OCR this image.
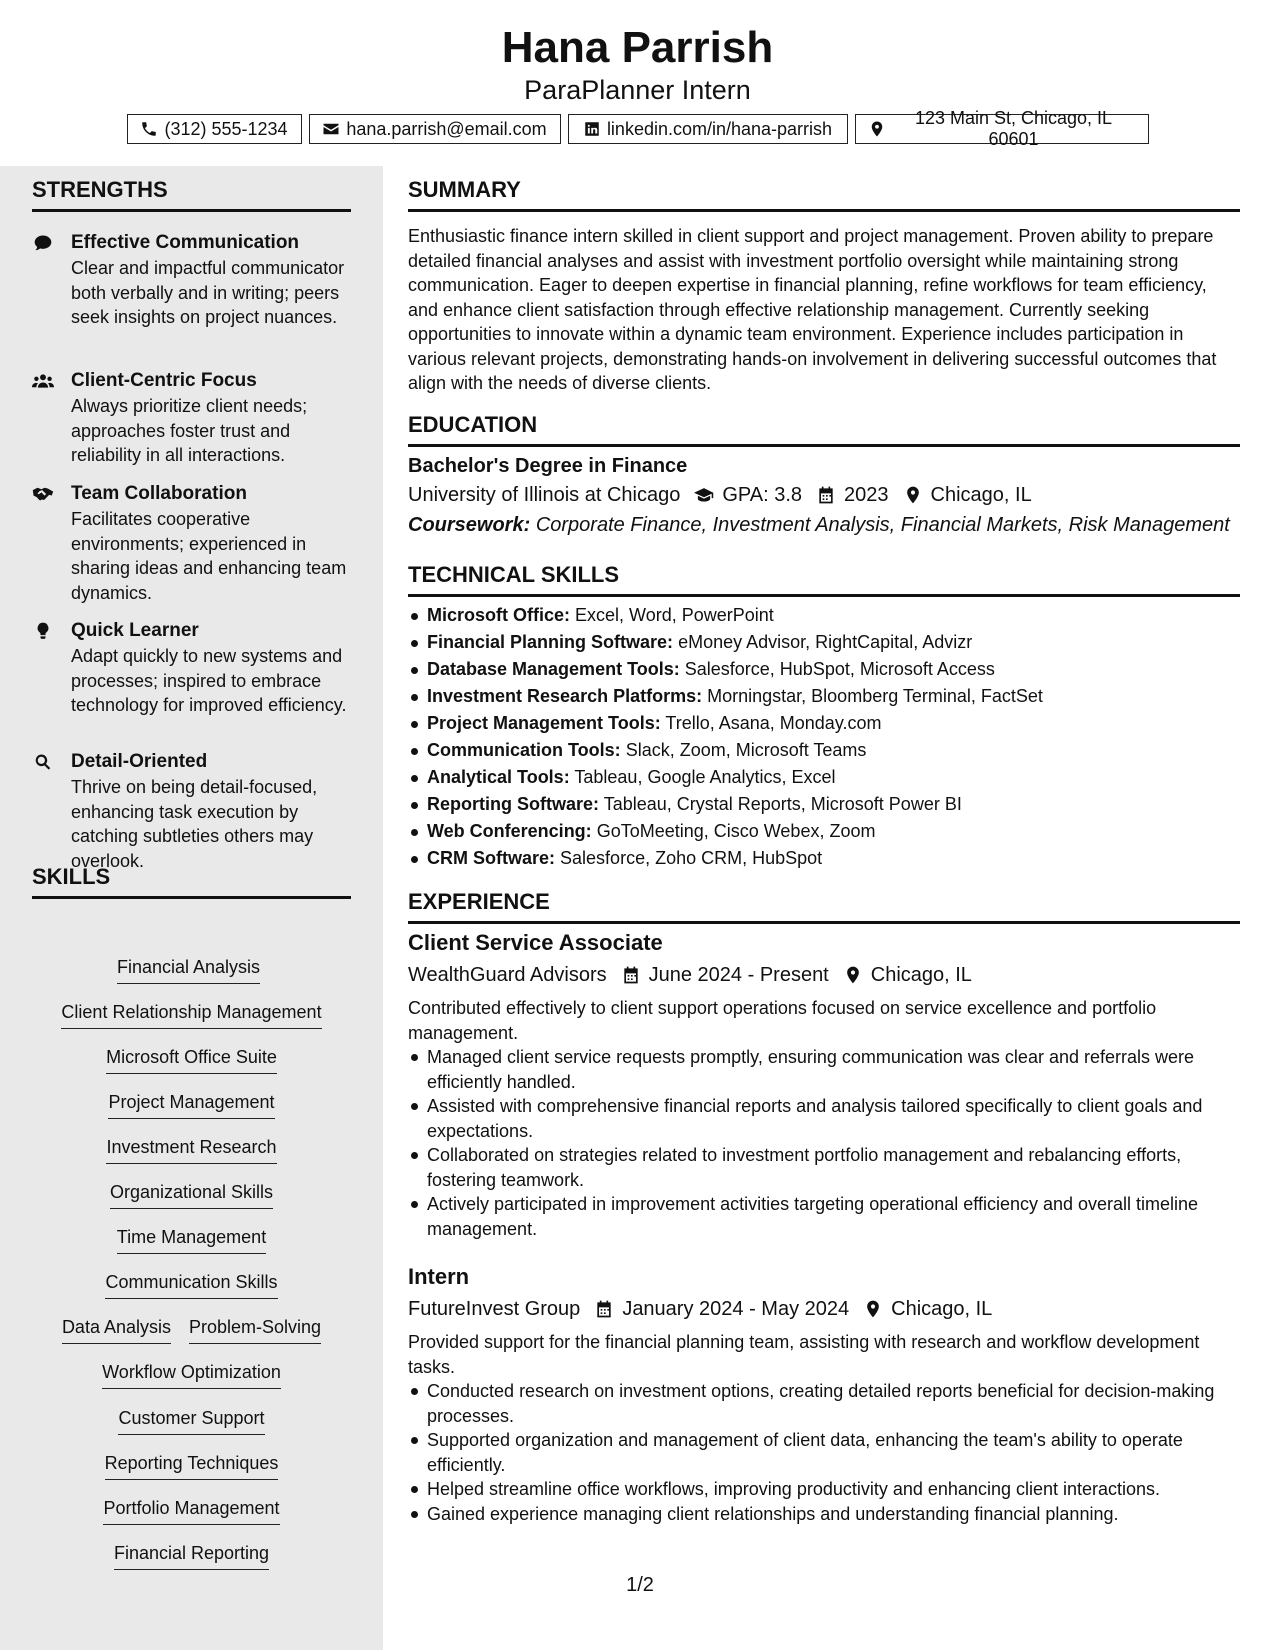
Hana Parrish
ParaPlanner Intern
(312) 555-1234	hana.parrish@email.com	linkedin.com/in/hana-parrish
123 Main St, Chicago, IL 60601
STRENGTHS
Effective Communication
Clear and impactful communicator both verbally and in writing; peers seek insights on project nuances.
Client-Centric Focus
Always prioritize client needs; approaches foster trust and reliability in all interactions.
Team Collaboration
Facilitates cooperative environments; experienced in sharing ideas and enhancing team dynamics.
Quick Learner
Adapt quickly to new systems and processes; inspired to embrace technology for improved efficiency.
Detail-Oriented
Thrive on being detail-focused, enhancing task execution by catching subtleties others may overlook.
SKILLS
Financial Analysis
Client Relationship Management
Microsoft Office Suite
Project Management
Investment Research
Organizational Skills
Time Management
Communication Skills
Data Analysis Problem-Solving
Workflow Optimization
Customer Support
Reporting Techniques
Portfolio Management
Financial Reporting
SUMMARY
Enthusiastic finance intern skilled in client support and project management. Proven ability to prepare detailed financial analyses and assist with investment portfolio oversight while maintaining strong communication. Eager to deepen expertise in financial planning, refine workflows for team efficiency, and enhance client satisfaction through effective relationship management. Currently seeking opportunities to innovate within a dynamic team environment. Experience includes participation in various relevant projects, demonstrating hands-on involvement in delivering successful outcomes that align with the needs of diverse clients.
EDUCATION
Bachelor's Degree in Finance
University of Illinois at Chicago GPA: 3.8 2023 Chicago, IL
Coursework: Corporate Finance, Investment Analysis, Financial Markets, Risk Management
TECHNICAL SKILLS
Microsoft Office: Excel, Word, PowerPoint
Financial Planning Software: eMoney Advisor, RightCapital, Advizr
Database Management Tools: Salesforce, HubSpot, Microsoft Access
Investment Research Platforms: Morningstar, Bloomberg Terminal, FactSet
Project Management Tools: Trello, Asana, Monday.com
Communication Tools: Slack, Zoom, Microsoft Teams
Analytical Tools: Tableau, Google Analytics, Excel
Reporting Software: Tableau, Crystal Reports, Microsoft Power BI
Web Conferencing: GoToMeeting, Cisco Webex, Zoom
CRM Software: Salesforce, Zoho CRM, HubSpot
EXPERIENCE
Client Service Associate
WealthGuard Advisors June 2024 - Present Chicago, IL
Contributed effectively to client support operations focused on service excellence and portfolio management.
Managed client service requests promptly, ensuring communication was clear and referrals were efficiently handled.
Assisted with comprehensive financial reports and analysis tailored specifically to client goals and expectations.
Collaborated on strategies related to investment portfolio management and rebalancing efforts, fostering teamwork.
Actively participated in improvement activities targeting operational efficiency and overall timeline management.
Intern
FutureInvest Group January 2024 - May 2024 Chicago, IL
Provided support for the financial planning team, assisting with research and workflow development tasks.
Conducted research on investment options, creating detailed reports beneficial for decision-making processes.
Supported organization and management of client data, enhancing the team's ability to operate efficiently.
Helped streamline office workflows, improving productivity and enhancing client interactions.
Gained experience managing client relationships and understanding financial planning.
1/2
